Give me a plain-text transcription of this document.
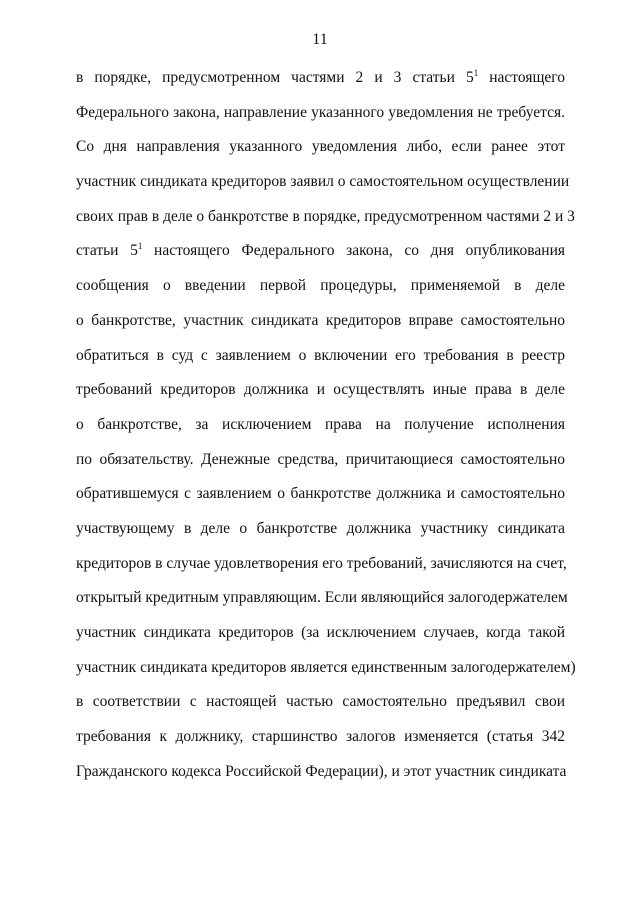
11
в порядке, предусмотренном частями 2 и 3 статьи $5^1$ настоящего
Федерального закона, направление указанного уведомления не требуется.
Со дня направления указанного уведомления либо, если ранее этот
участник синдиката кредиторов заявил о самостоятельном осуществлении
своих прав в деле о банкротстве в порядке, предусмотренном частями 2 и 3
статьи $5^1$ настоящего Федерального закона, со дня опубликования
сообщения о введении первой процедуры, применяемой в деле
о банкротстве, участник синдиката кредиторов вправе самостоятельно
обратиться в суд с заявлением о включении его требования в реестр
требований кредиторов должника и осуществлять иные права в деле
о банкротстве, за исключением права на получение исполнения
по обязательству. Денежные средства, причитающиеся самостоятельно
обратившемуся с заявлением о банкротстве должника и самостоятельно
участвующему в деле о банкротстве должника участнику синдиката
кредиторов в случае удовлетворения его требований, зачисляются на счет,
открытый кредитным управляющим. Если являющийся залогодержателем
участник синдиката кредиторов (за исключением случаев, когда такой
участник синдиката кредиторов является единственным залогодержателем)
в соответствии с настоящей частью самостоятельно предъявил свои
требования к должнику, старшинство залогов изменяется (статья 342
Гражданского кодекса Российской Федерации), и этот участник синдиката
